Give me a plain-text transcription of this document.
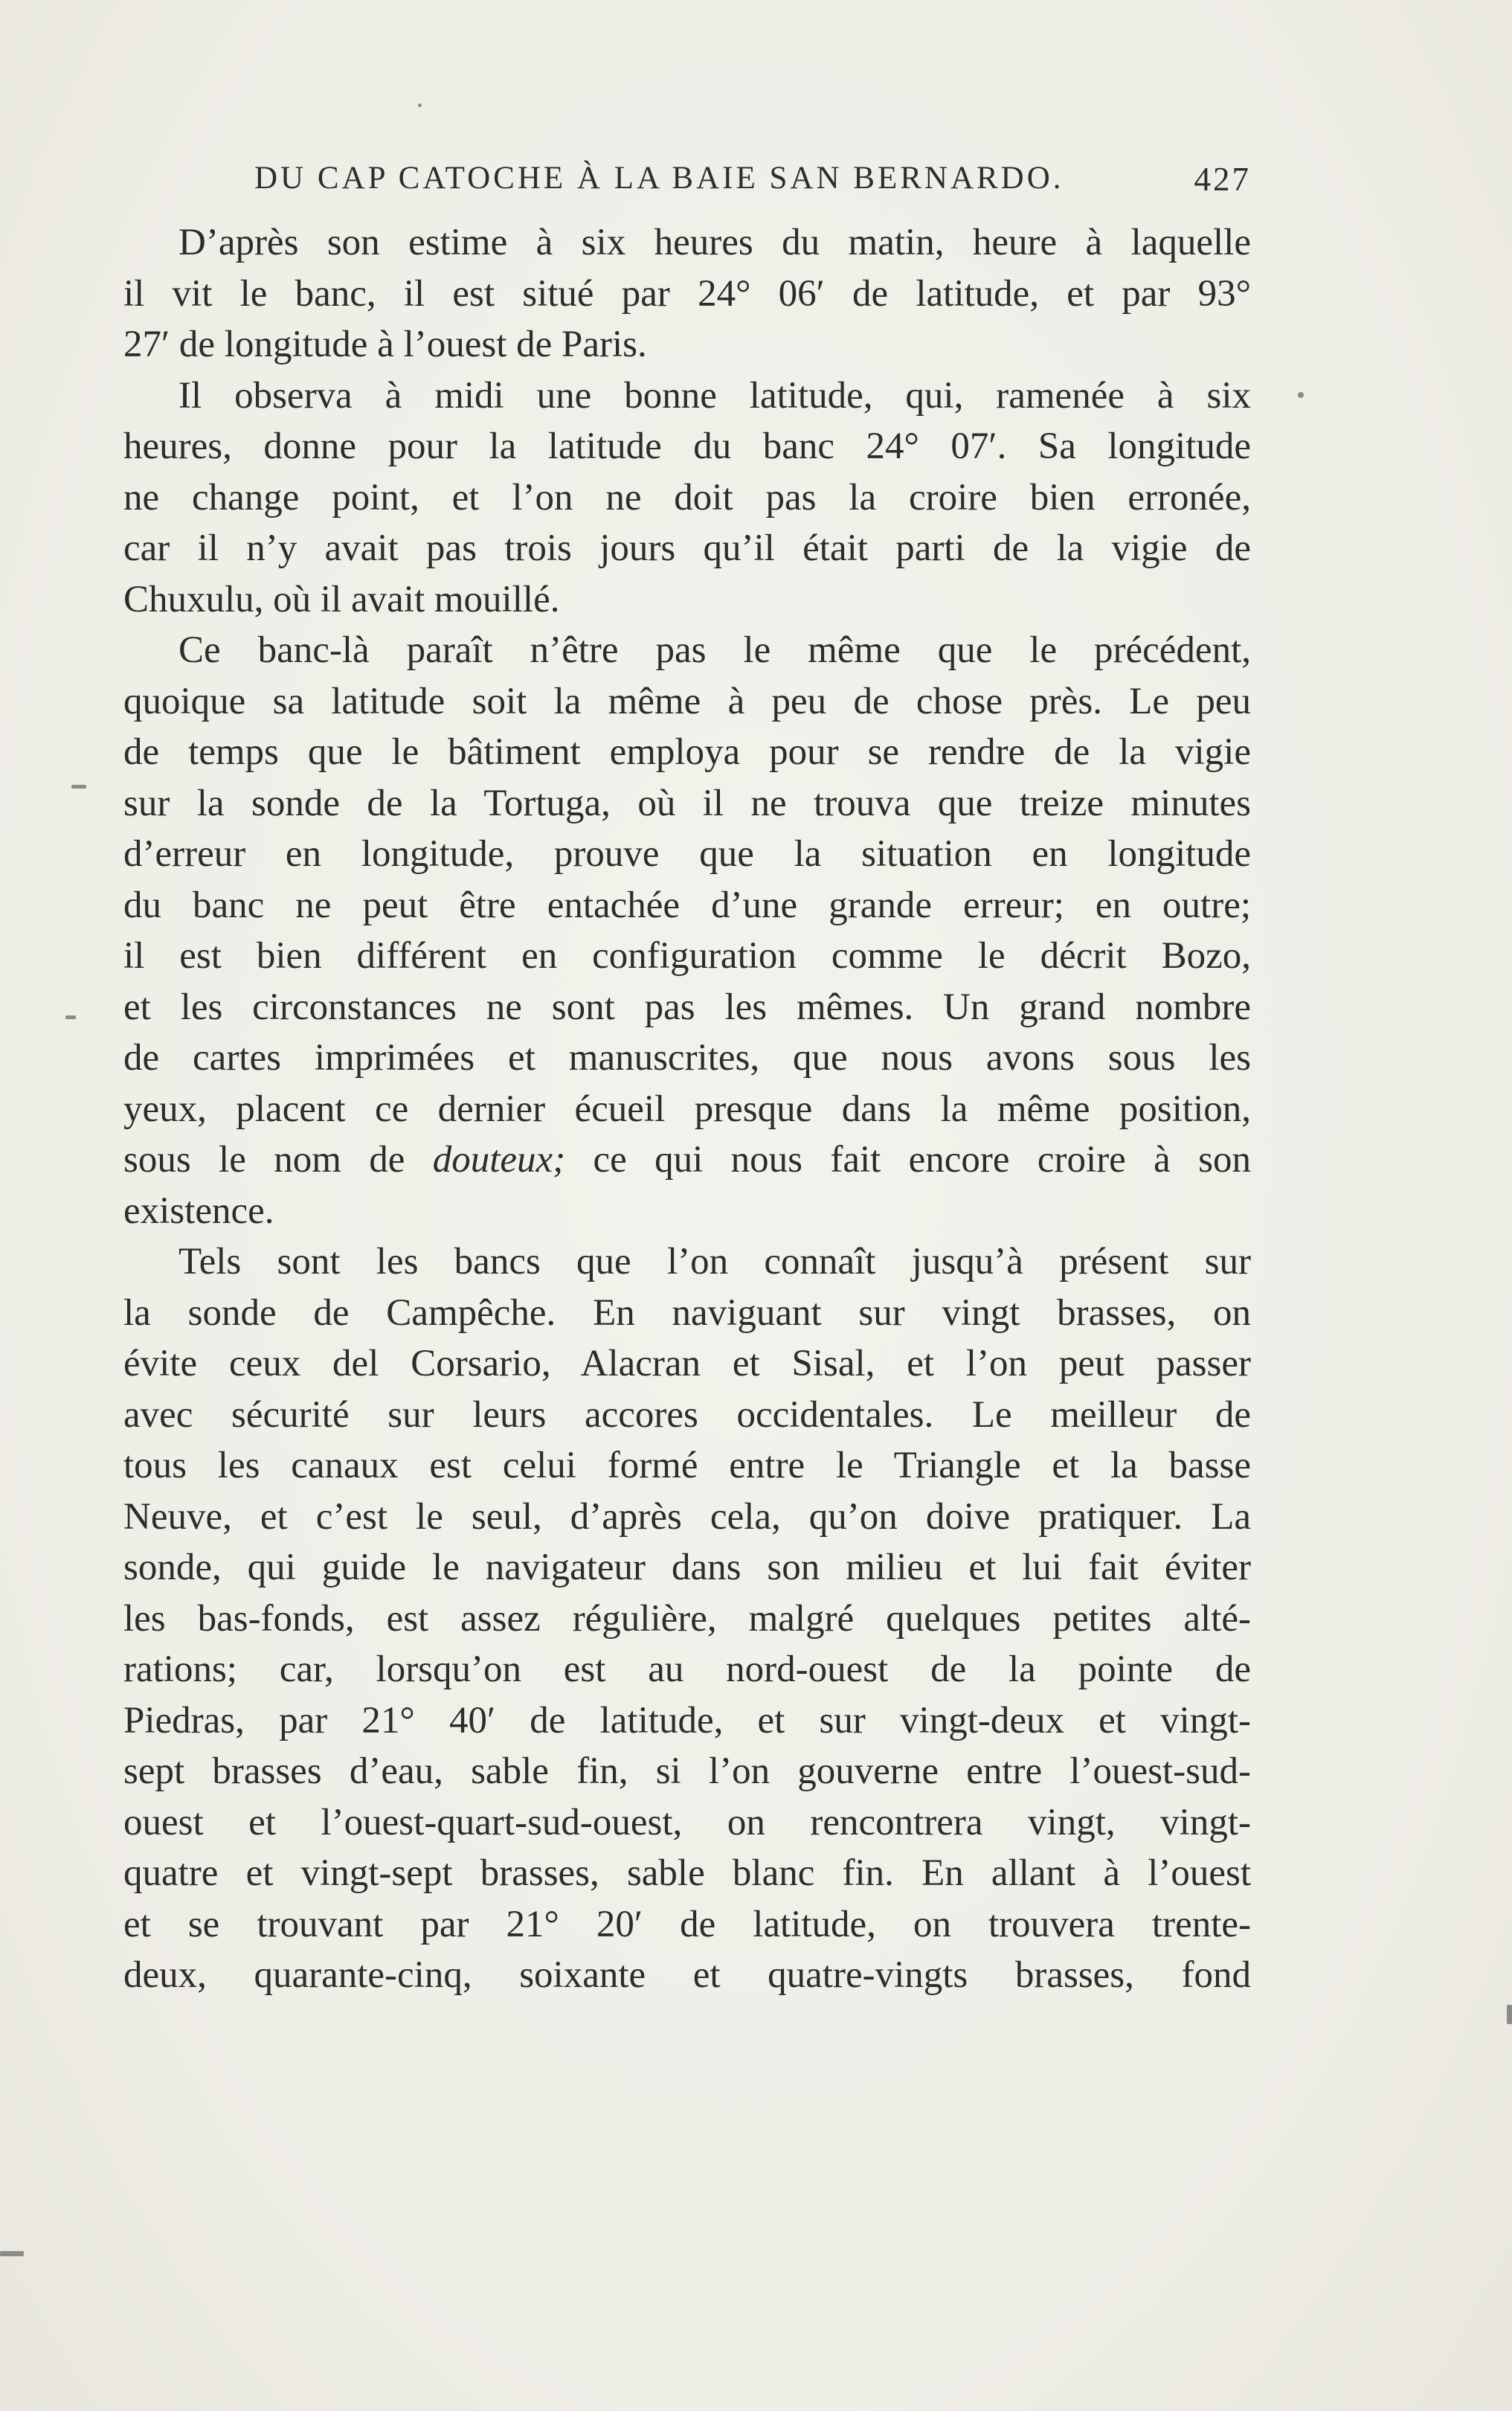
DU CAP CATOCHE À LA BAIE SAN BERNARDO.	427
D’après son estime à six heures du matin, heure à laquelle
il vit le banc, il est situé par 24° 06′ de latitude, et par 93°
27′ de longitude à l’ouest de Paris.
Il observa à midi une bonne latitude, qui, ramenée à six
heures, donne pour la latitude du banc 24° 07′. Sa longitude
ne change point, et l’on ne doit pas la croire bien erronée,
car il n’y avait pas trois jours qu’il était parti de la vigie de
Chuxulu, où il avait mouillé.
Ce banc-là paraît n’être pas le même que le précédent,
quoique sa latitude soit la même à peu de chose près. Le peu
de temps que le bâtiment employa pour se rendre de la vigie
sur la sonde de la Tortuga, où il ne trouva que treize minutes
d’erreur en longitude, prouve que la situation en longitude
du banc ne peut être entachée d’une grande erreur; en outre;
il est bien différent en configuration comme le décrit Bozo,
et les circonstances ne sont pas les mêmes. Un grand nombre
de cartes imprimées et manuscrites, que nous avons sous les
yeux, placent ce dernier écueil presque dans la même position,
sous le nom de douteux; ce qui nous fait encore croire à son
existence.
Tels sont les bancs que l’on connaît jusqu’à présent sur
la sonde de Campêche. En naviguant sur vingt brasses, on
évite ceux del Corsario, Alacran et Sisal, et l’on peut passer
avec sécurité sur leurs accores occidentales. Le meilleur de
tous les canaux est celui formé entre le Triangle et la basse
Neuve, et c’est le seul, d’après cela, qu’on doive pratiquer. La
sonde, qui guide le navigateur dans son milieu et lui fait éviter
les bas-fonds, est assez régulière, malgré quelques petites alté-
rations; car, lorsqu’on est au nord-ouest de la pointe de
Piedras, par 21° 40′ de latitude, et sur vingt-deux et vingt-
sept brasses d’eau, sable fin, si l’on gouverne entre l’ouest-sud-
ouest et l’ouest-quart-sud-ouest, on rencontrera vingt, vingt-
quatre et vingt-sept brasses, sable blanc fin. En allant à l’ouest
et se trouvant par 21° 20′ de latitude, on trouvera trente-
deux, quarante-cinq, soixante et quatre-vingts brasses, fond
